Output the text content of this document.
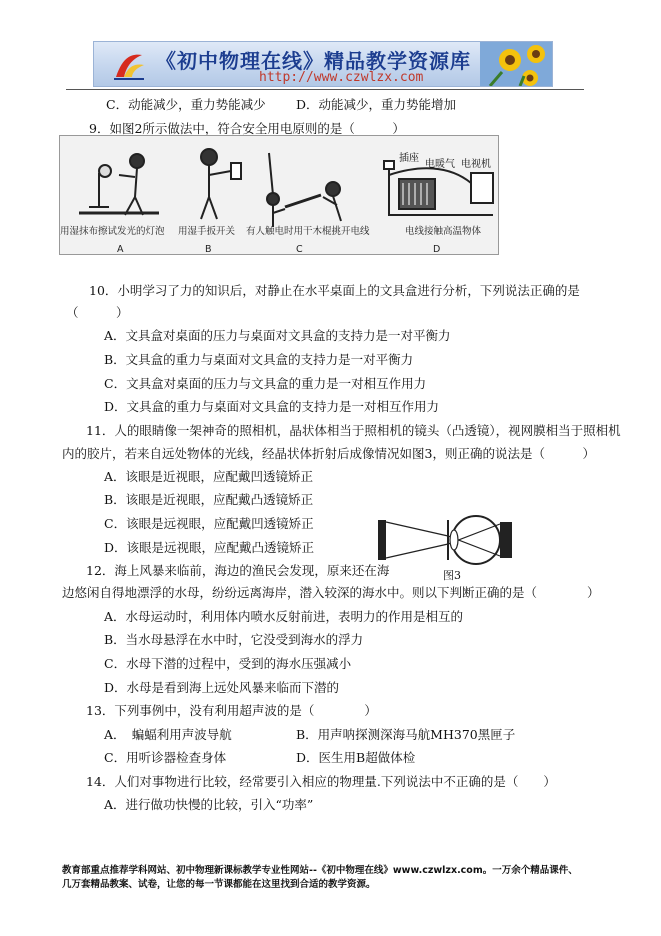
《初中物理在线》精品教学资源库
http://www.czwlzx.com
C．动能减少，重力势能减少 D．动能减少，重力势能增加
9．如图2所示做法中，符合安全用电原则的是（　　　）
插座
电暖气 电视机
用湿抹布擦试发光的灯泡 用湿手扳开关 有人触电时用干木棍挑开电线	电线接触高温物体
A	B	C	D
10．小明学习了力的知识后，对静止在水平桌面上的文具盒进行分析，下列说法正确的是
（　　　）
A．文具盒对桌面的压力与桌面对文具盒的支持力是一对平衡力
B．文具盒的重力与桌面对文具盒的支持力是一对平衡力
C．文具盒对桌面的压力与文具盒的重力是一对相互作用力
D．文具盒的重力与桌面对文具盒的支持力是一对相互作用力
11．人的眼睛像一架神奇的照相机，晶状体相当于照相机的镜头（凸透镜），视网膜相当于照相机
内的胶片，若来自远处物体的光线，经晶状体折射后成像情况如图3，则正确的说法是（　　　）
A．该眼是近视眼，应配戴凹透镜矫正
B．该眼是近视眼，应配戴凸透镜矫正
C．该眼是远视眼，应配戴凹透镜矫正
D．该眼是远视眼，应配戴凸透镜矫正
图3
12．海上风暴来临前，海边的渔民会发现，原来还在海
边悠闲自得地漂浮的水母，纷纷远离海岸，潜入较深的海水中。则以下判断正确的是（　　　　）
A．水母运动时，利用体内喷水反射前进，表明力的作用是相互的
B．当水母悬浮在水中时，它没受到海水的浮力
C．水母下潜的过程中，受到的海水压强减小
D．水母是看到海上远处风暴来临而下潜的
13．下列事例中，没有利用超声波的是（　　　　）
A．　蝙蝠利用声波导航	B．用声呐探测深海马航MH370黑匣子
C．用听诊器检查身体	D．医生用B超做体检
14．人们对事物进行比较，经常要引入相应的物理量.下列说法中不正确的是（　　）
A．进行做功快慢的比较，引入“功率”
教育部重点推荐学科网站、初中物理新课标教学专业性网站--《初中物理在线》www.czwlzx.com。一万余个精品课件、
几万套精品教案、试卷，让您的每一节课都能在这里找到合适的教学资源。
